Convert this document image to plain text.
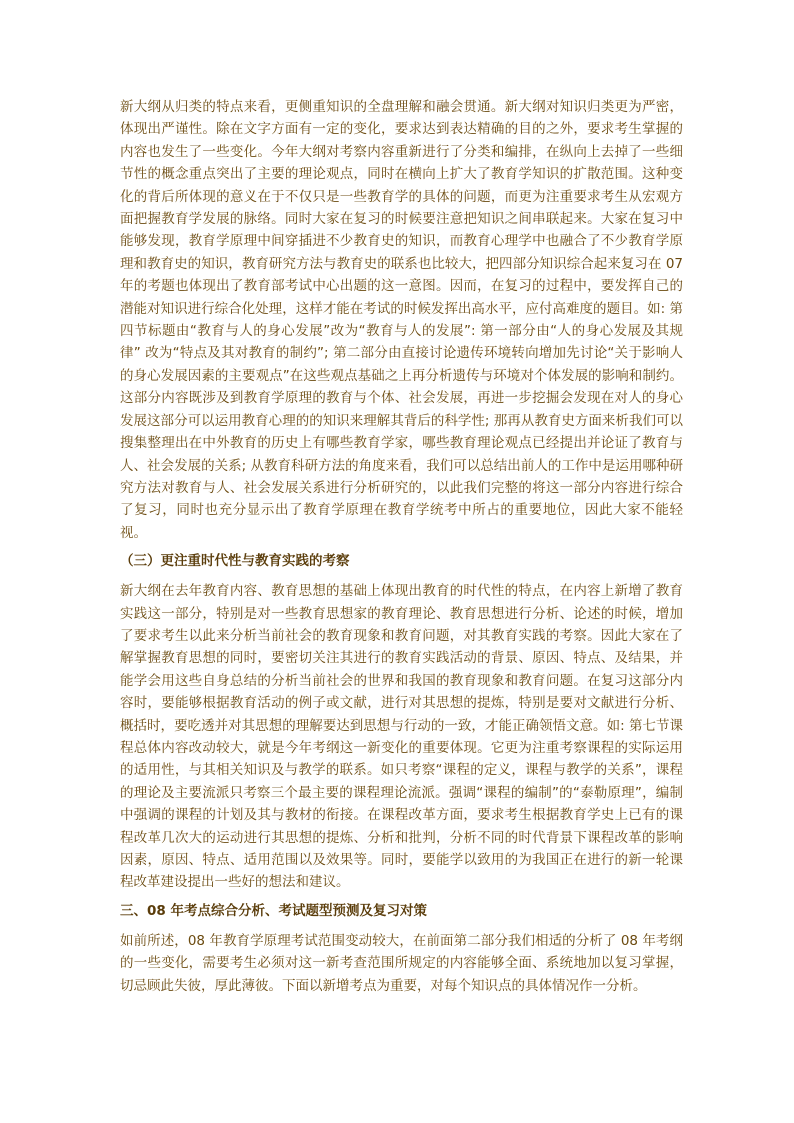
新大纲从归类的特点来看，更侧重知识的全盘理解和融会贯通。新大纲对知识归类更为严密，体现出严谨性。除在文字方面有一定的变化，要求达到表达精确的目的之外，要求考生掌握的内容也发生了一些变化。今年大纲对考察内容重新进行了分类和编排，在纵向上去掉了一些细节性的概念重点突出了主要的理论观点，同时在横向上扩大了教育学知识的扩散范围。这种变化的背后所体现的意义在于不仅只是一些教育学的具体的问题，而更为注重要求考生从宏观方面把握教育学发展的脉络。同时大家在复习的时候要注意把知识之间串联起来。大家在复习中能够发现，教育学原理中间穿插进不少教育史的知识，而教育心理学中也融合了不少教育学原理和教育史的知识，教育研究方法与教育史的联系也比较大，把四部分知识综合起来复习在 07 年的考题也体现出了教育部考试中心出题的这一意图。因而，在复习的过程中，要发挥自己的潜能对知识进行综合化处理，这样才能在考试的时候发挥出高水平，应付高难度的题目。如: 第四节标题由“教育与人的身心发展”改为“教育与人的发展”: 第一部分由“人的身心发展及其规律” 改为“特点及其对教育的制约”; 第二部分由直接讨论遗传环境转向增加先讨论“关于影响人的身心发展因素的主要观点”在这些观点基础之上再分析遗传与环境对个体发展的影响和制约。这部分内容既涉及到教育学原理的教育与个体、社会发展，再进一步挖掘会发现在对人的身心发展这部分可以运用教育心理的的知识来理解其背后的科学性; 那再从教育史方面来析我们可以搜集整理出在中外教育的历史上有哪些教育学家，哪些教育理论观点已经提出并论证了教育与人、社会发展的关系; 从教育科研方法的角度来看，我们可以总结出前人的工作中是运用哪种研究方法对教育与人、社会发展关系进行分析研究的，以此我们完整的将这一部分内容进行综合了复习，同时也充分显示出了教育学原理在教育学统考中所占的重要地位，因此大家不能轻视。

（三）更注重时代性与教育实践的考察

新大纲在去年教育内容、教育思想的基础上体现出教育的时代性的特点，在内容上新增了教育实践这一部分，特别是对一些教育思想家的教育理论、教育思想进行分析、论述的时候，增加了要求考生以此来分析当前社会的教育现象和教育问题，对其教育实践的考察。因此大家在了解掌握教育思想的同时，要密切关注其进行的教育实践活动的背景、原因、特点、及结果，并能学会用这些自身总结的分析当前社会的世界和我国的教育现象和教育问题。在复习这部分内容时，要能够根据教育活动的例子或文献，进行对其思想的提炼，特别是要对文献进行分析、概括时，要吃透并对其思想的理解要达到思想与行动的一致，才能正确领悟文意。如: 第七节课程总体内容改动较大，就是今年考纲这一新变化的重要体现。它更为注重考察课程的实际运用的适用性，与其相关知识及与教学的联系。如只考察“课程的定义，课程与教学的关系”，课程的理论及主要流派只考察三个最主要的课程理论流派。强调“课程的编制”的“泰勒原理”，编制中强调的课程的计划及其与教材的衔接。在课程改革方面，要求考生根据教育学史上已有的课程改革几次大的运动进行其思想的提炼、分析和批判，分析不同的时代背景下课程改革的影响因素，原因、特点、适用范围以及效果等。同时，要能学以致用的为我国正在进行的新一轮课程改革建设提出一些好的想法和建议。

三、08 年考点综合分析、考试题型预测及复习对策

如前所述，08 年教育学原理考试范围变动较大，在前面第二部分我们相适的分析了 08 年考纲的一些变化，需要考生必须对这一新考查范围所规定的内容能够全面、系统地加以复习掌握，切忌顾此失彼，厚此薄彼。下面以新增考点为重要，对每个知识点的具体情况作一分析。
